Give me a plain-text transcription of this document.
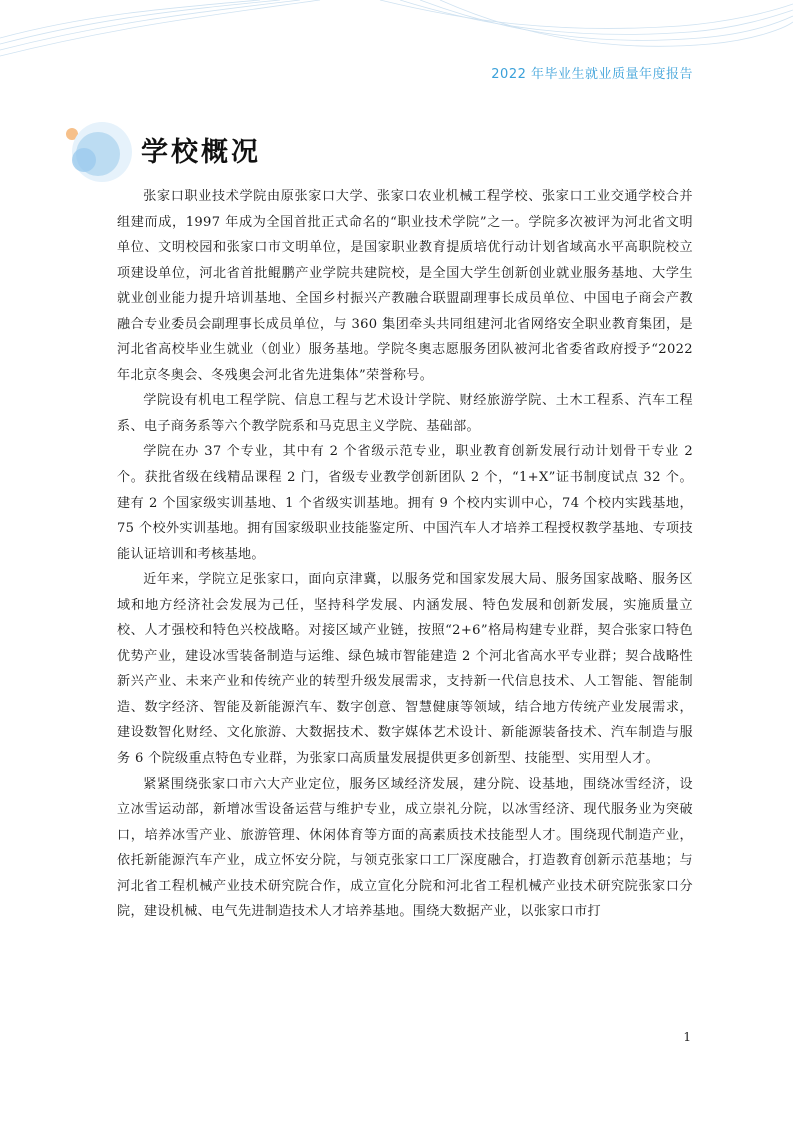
2022 年毕业生就业质量年度报告
学校概况

张家口职业技术学院由原张家口大学、张家口农业机械工程学校、张家口工业交通学校合并组建而成，1997 年成为全国首批正式命名的“职业技术学院”之一。学院多次被评为河北省文明单位、文明校园和张家口市文明单位，是国家职业教育提质培优行动计划省域高水平高职院校立项建设单位，河北省首批鲲鹏产业学院共建院校，是全国大学生创新创业就业服务基地、大学生就业创业能力提升培训基地、全国乡村振兴产教融合联盟副理事长成员单位、中国电子商会产教融合专业委员会副理事长成员单位，与 360 集团牵头共同组建河北省网络安全职业教育集团，是河北省高校毕业生就业（创业）服务基地。学院冬奥志愿服务团队被河北省委省政府授予“2022 年北京冬奥会、冬残奥会河北省先进集体”荣誉称号。

学院设有机电工程学院、信息工程与艺术设计学院、财经旅游学院、土木工程系、汽车工程系、电子商务系等六个教学院系和马克思主义学院、基础部。

学院在办 37 个专业，其中有 2 个省级示范专业，职业教育创新发展行动计划骨干专业 2 个。获批省级在线精品课程 2 门，省级专业教学创新团队 2 个，“1+X”证书制度试点 32 个。建有 2 个国家级实训基地、1 个省级实训基地。拥有 9 个校内实训中心，74 个校内实践基地，75 个校外实训基地。拥有国家级职业技能鉴定所、中国汽车人才培养工程授权教学基地、专项技能认证培训和考核基地。

近年来，学院立足张家口，面向京津冀，以服务党和国家发展大局、服务国家战略、服务区域和地方经济社会发展为己任，坚持科学发展、内涵发展、特色发展和创新发展，实施质量立校、人才强校和特色兴校战略。对接区域产业链，按照“2+6”格局构建专业群，契合张家口特色优势产业，建设冰雪装备制造与运维、绿色城市智能建造 2 个河北省高水平专业群；契合战略性新兴产业、未来产业和传统产业的转型升级发展需求，支持新一代信息技术、人工智能、智能制造、数字经济、智能及新能源汽车、数字创意、智慧健康等领域，结合地方传统产业发展需求，建设数智化财经、文化旅游、大数据技术、数字媒体艺术设计、新能源装备技术、汽车制造与服务 6 个院级重点特色专业群，为张家口高质量发展提供更多创新型、技能型、实用型人才。

紧紧围绕张家口市六大产业定位，服务区域经济发展，建分院、设基地，围绕冰雪经济，设立冰雪运动部，新增冰雪设备运营与维护专业，成立崇礼分院，以冰雪经济、现代服务业为突破口，培养冰雪产业、旅游管理、休闲体育等方面的高素质技术技能型人才。围绕现代制造产业，依托新能源汽车产业，成立怀安分院，与领克张家口工厂深度融合，打造教育创新示范基地；与河北省工程机械产业技术研究院合作，成立宣化分院和河北省工程机械产业技术研究院张家口分院，建设机械、电气先进制造技术人才培养基地。围绕大数据产业，以张家口市打

1
